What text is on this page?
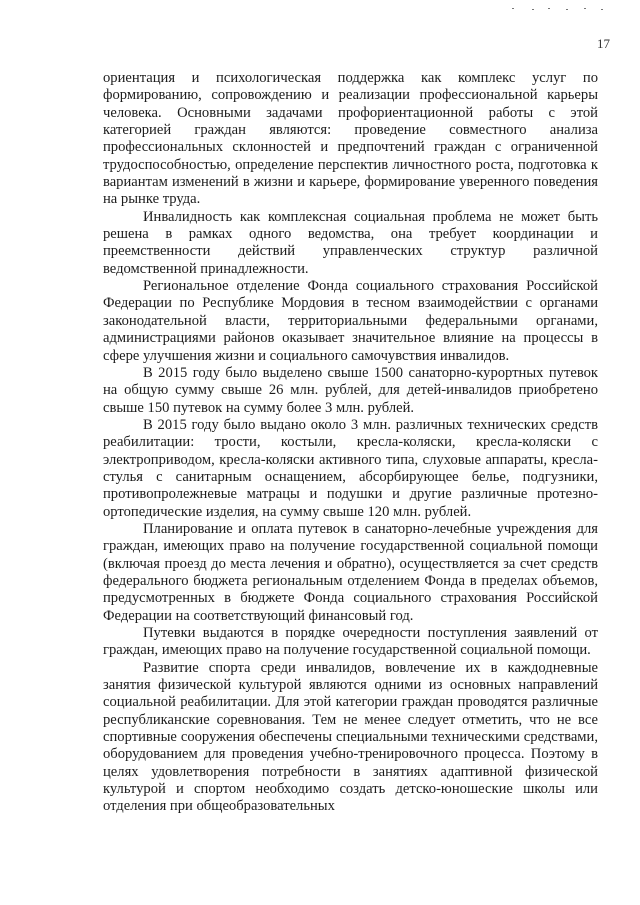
17

ориентация и психологическая поддержка как комплекс услуг по формированию, сопровождению и реализации профессиональной карьеры человека. Основными задачами профориентационной работы с этой категорией граждан являются: проведение совместного анализа профессиональных склонностей и предпочтений граждан с ограниченной трудоспособностью, определение перспектив личностного роста, подготовка к вариантам изменений в жизни и карьере, формирование уверенного поведения на рынке труда.

Инвалидность как комплексная социальная проблема не может быть решена в рамках одного ведомства, она требует координации и преемственности действий управленческих структур различной ведомственной принадлежности.

Региональное отделение Фонда социального страхования Российской Федерации по Республике Мордовия в тесном взаимодействии с органами законодательной власти, территориальными федеральными органами, администрациями районов оказывает значительное влияние на процессы в сфере улучшения жизни и социального самочувствия инвалидов.

В 2015 году было выделено свыше 1500 санаторно-курортных путевок на общую сумму свыше 26 млн. рублей, для детей-инвалидов приобретено свыше 150 путевок на сумму более 3 млн. рублей.

В 2015 году было выдано около 3 млн. различных технических средств реабилитации: трости, костыли, кресла-коляски, кресла-коляски с электроприводом, кресла-коляски активного типа, слуховые аппараты, кресла-стулья с санитарным оснащением, абсорбирующее белье, подгузники, противопролежневые матрацы и подушки и другие различные протезно-ортопедические изделия, на сумму свыше 120 млн. рублей.

Планирование и оплата путевок в санаторно-лечебные учреждения для граждан, имеющих право на получение государственной социальной помощи (включая проезд до места лечения и обратно), осуществляется за счет средств федерального бюджета региональным отделением Фонда в пределах объемов, предусмотренных в бюджете Фонда социального страхования Российской Федерации на соответствующий финансовый год.

Путевки выдаются в порядке очередности поступления заявлений от граждан, имеющих право на получение государственной социальной помощи.

Развитие спорта среди инвалидов, вовлечение их в каждодневные занятия физической культурой являются одними из основных направлений социальной реабилитации. Для этой категории граждан проводятся различные республиканские соревнования. Тем не менее следует отметить, что не все спортивные сооружения обеспечены специальными техническими средствами, оборудованием для проведения учебно-тренировочного процесса. Поэтому в целях удовлетворения потребности в занятиях адаптивной физической культурой и спортом необходимо создать детско-юношеские школы или отделения при общеобразовательных
